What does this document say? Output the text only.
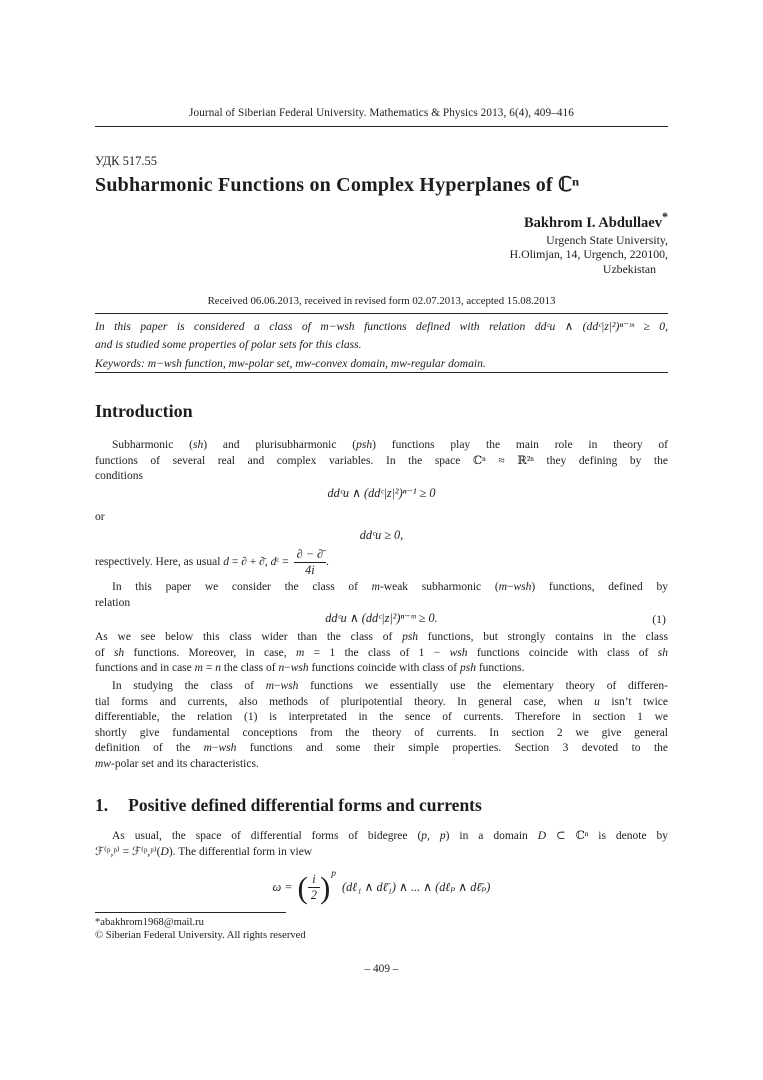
Journal of Siberian Federal University. Mathematics & Physics 2013, 6(4), 409–416
УДК 517.55
Subharmonic Functions on Complex Hyperplanes of ℂⁿ
Bakhrom I. Abdullaev*
Urgench State University,
H.Olimjan, 14, Urgench, 220100,
Uzbekistan
Received 06.06.2013, received in revised form 02.07.2013, accepted 15.08.2013
In this paper is considered a class of m−wsh functions defined with relation ddᶜu ∧ (ddᶜ|z|²)ⁿ⁻ᵐ ≥ 0,
and is studied some properties of polar sets for this class.
Keywords: m−wsh function, mw-polar set, mw-convex domain, mw-regular domain.
Introduction
Subharmonic (sh) and plurisubharmonic (psh) functions play the main role in theory of
functions of several real and complex variables. In the space ℂⁿ ≈ ℝ²ⁿ they defining by the
conditions
ddᶜu ∧ (ddᶜ|z|²)ⁿ⁻¹ ≥ 0
or
ddᶜu ≥ 0,
respectively. Here, as usual d = ∂ + ∂̄, dᶜ = $\frac{\partial - \partial̄}{4i}$ .
In this paper we consider the class of m-weak subharmonic (m−wsh) functions, defined by
relation
ddᶜu ∧ (ddᶜ|z|²)ⁿ⁻ᵐ ≥ 0.	(1)
As we see below this class wider than the class of psh functions, but strongly contains in the class
of sh functions. Moreover, in case, m = 1 the class of 1 − wsh functions coincide with class of sh
functions and in case m = n the class of n−wsh functions coincide with class of psh functions.
In studying the class of m−wsh functions we essentially use the elementary theory of differen-
tial forms and currents, also methods of pluripotential theory. In general case, when u isn’t twice
differentiable, the relation (1) is interpretated in the sence of currents. Therefore in section 1 we
shortly give fundamental conceptions from the theory of currents. In section 2 we give general
definition of the m−wsh functions and some their simple properties. Section 3 devoted to the
mw-polar set and its characteristics.
1. Positive defined differential forms and currents
As usual, the space of differential forms of bidegree (p, p) in a domain D ⊂ ℂⁿ is denote by
ℱ⁽ᵖ,ᵖ⁾ = ℱ⁽ᵖ,ᵖ⁾(D). The differential form in view
ω = ( $\frac{i}{2}$ ) p
(dℓ₁ ∧ dℓ̄₁) ∧ ... ∧ (dℓₚ ∧ dℓ̄ₚ)
*abakhrom1968@mail.ru
© Siberian Federal University. All rights reserved
– 409 –
